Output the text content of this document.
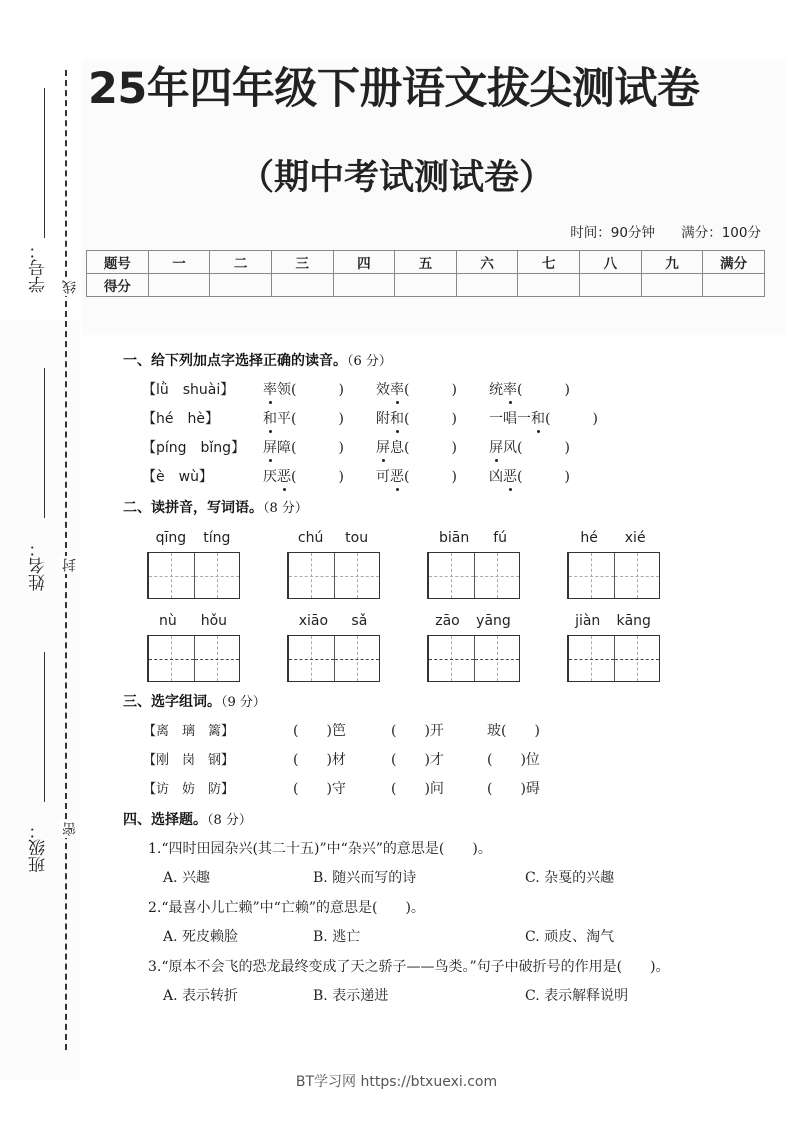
学号：
姓名：
班级：
线
封
密
25年四年级下册语文拔尖测试卷
（期中考试测试卷）
时间：90分钟 满分：100分
题号	一	二	三	四	五	六	七	八	九	满分
得分										
一、给下列加点字选择正确的读音。（6 分）
【lǜ　shuài】 率领(　　　) 效率(　　　) 统率(　　　)
【hé　hè】	和平(　　　) 附和(　　　) 一唱一和(　　　)
【píng　bǐng】 屏障(　　　) 屏息(　　　) 屏风(　　　)
【è　wù】	厌恶(　　　) 可恶(　　　) 凶恶(　　　)
二、读拼音，写词语。（8 分）
qīng tíng	chú tou	biān fú	hé xié
nù hǒu	xiāo sǎ	zāo yāng	jiàn kāng
三、选字组词。（9 分）
【离　璃　篱】	(　　)笆	(　　)开	玻(　　)
【刚　岗　钢】	(　　)材	(　　)才	(　　)位
【访　妨　防】	(　　)守	(　　)问	(　　)碍
四、选择题。（8 分）
1.“四时田园杂兴(其二十五)”中“杂兴”的意思是(　　)。
A. 兴趣	B. 随兴而写的诗	C. 杂戛的兴趣
2.“最喜小儿亡赖”中“亡赖”的意思是(　　)。
A. 死皮赖脸	B. 逃亡	C. 顽皮、淘气
3.“原本不会飞的恐龙最终变成了天之骄子——鸟类。”句子中破折号的作用是(　　)。
A. 表示转折	B. 表示递进	C. 表示解释说明
BT学习网 https://btxuexi.com
